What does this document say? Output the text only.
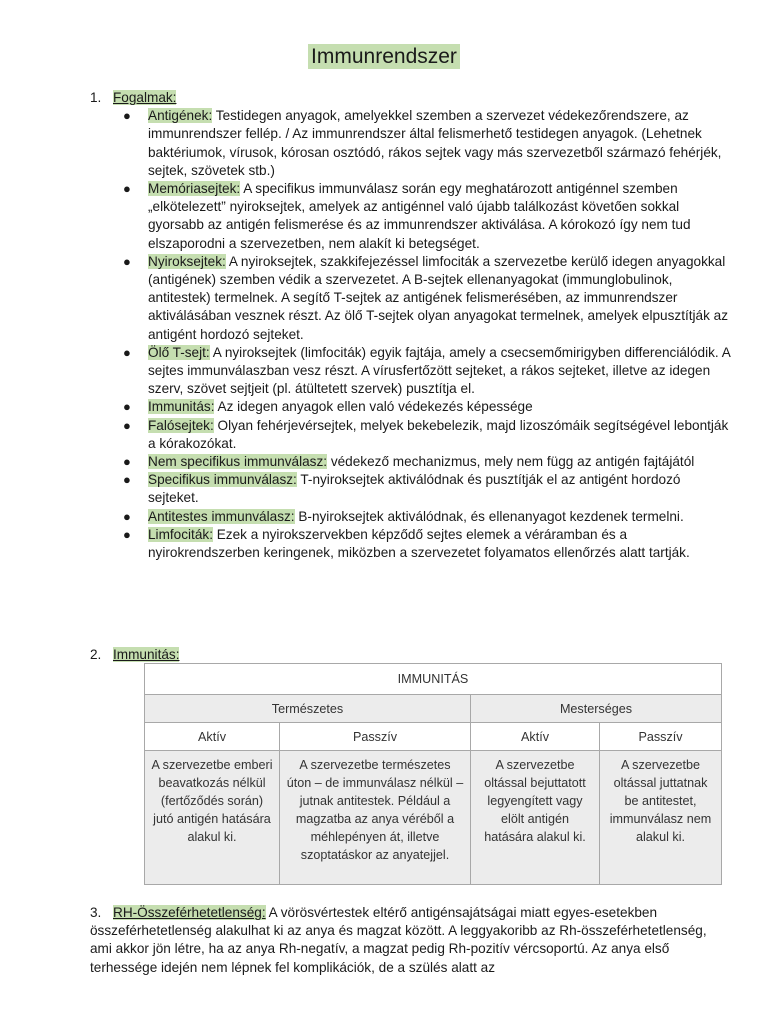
Immunrendszer
1. Fogalmak:
● Antigének: Testidegen anyagok, amelyekkel szemben a szervezet védekezőrendszere, az immunrendszer fellép. / Az immunrendszer által felismerhető testidegen anyagok. (Lehetnek baktériumok, vírusok, kórosan osztódó, rákos sejtek vagy más szervezetből származó fehérjék, sejtek, szövetek stb.)
● Memóriasejtek: A specifikus immunválasz során egy meghatározott antigénnel szemben „elkötelezett” nyiroksejtek, amelyek az antigénnel való újabb találkozást követően sokkal gyorsabb az antigén felismerése és az immunrendszer aktiválása. A kórokozó így nem tud elszaporodni a szervezetben, nem alakít ki betegséget.
● Nyiroksejtek: A nyiroksejtek, szakkifejezéssel limfociták a szervezetbe kerülő idegen anyagokkal (antigének) szemben védik a szervezetet. A B-sejtek ellenanyagokat (immunglobulinok, antitestek) termelnek. A segítő T-sejtek az antigének felismerésében, az immunrendszer aktiválásában vesznek részt. Az ölő T-sejtek olyan anyagokat termelnek, amelyek elpusztítják az antigént hordozó sejteket.
● Ölő T-sejt: A nyiroksejtek (limfociták) egyik fajtája, amely a csecsemőmirigyben differenciálódik. A sejtes immunválaszban vesz részt. A vírusfertőzött sejteket, a rákos sejteket, illetve az idegen szerv, szövet sejtjeit (pl. átültetett szervek) pusztítja el.
● Immunitás: Az idegen anyagok ellen való védekezés képessége
● Falósejtek: Olyan fehérjevérsejtek, melyek bekebelezik, majd lizoszómáik segítségével lebontják a kórakozókat.
● Nem specifikus immunválasz: védekező mechanizmus, mely nem függ az antigén fajtájától
● Specifikus immunválasz: T-nyiroksejtek aktiválódnak és pusztítják el az antigént hordozó sejteket.
● Antitestes immunválasz: B-nyiroksejtek aktiválódnak, és ellenanyagot kezdenek termelni.
● Limfociták: Ezek a nyirokszervekben képződő sejtes elemek a véráramban és a nyirokrendszerben keringenek, miközben a szervezetet folyamatos ellenőrzés alatt tartják.
2. Immunitás:
IMMUNITÁS			
Természetes		Mesterséges	
Aktív	Passzív	Aktív	Passzív
A szervezetbe emberi beavatkozás nélkül (fertőződés során) jutó antigén hatására alakul ki.	A szervezetbe természetes úton – de immunválasz nélkül – jutnak antitestek. Például a magzatba az anya véréből a méhlepényen át, illetve szoptatáskor az anyatejjel.	A szervezetbe oltással bejuttatott legyengített vagy elölt antigén hatására alakul ki.	A szervezetbe oltással juttatnak be antitestet, immunválasz nem alakul ki.
3. RH-Összeférhetetlenség: A vörösvértestek eltérő antigénsajátságai miatt egyes-esetekben összeférhetetlenség alakulhat ki az anya és magzat között. A leggyakoribb az Rh-összeférhetetlenség, ami akkor jön létre, ha az anya Rh-negatív, a magzat pedig Rh-pozitív vércsoportú. Az anya első terhessége idején nem lépnek fel komplikációk, de a szülés alatt az
